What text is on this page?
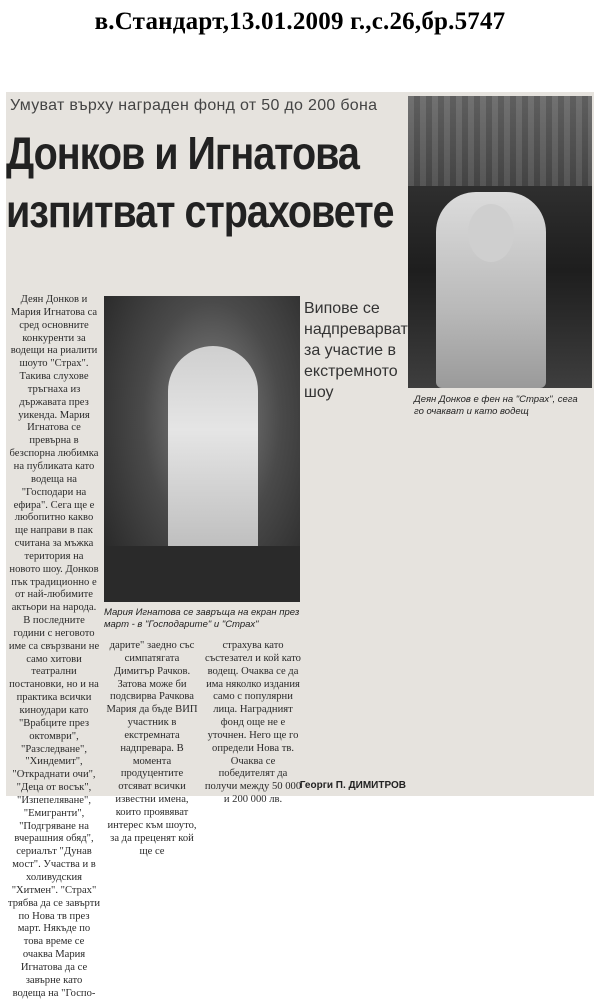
в.Стандарт,13.01.2009 г.,с.26,бр.5747
Умуват върху награден фонд от 50 до 200 бона
Донков и Игнатова
изпитват страховете
Деян Донков е фен на "Страх", сега го очакват и като водещ
Випове се надпреварват за участие в екстремното шоу
Мария Игнатова се завръща на екран през март - в "Господарите" и "Страх"
Деян Донков и Мария Игнатова са сред основните конкуренти за водещи на риалити шоуто "Страх". Такива слухове тръгнаха из държавата през уикенда. Мария Игнатова се превърна в безспорна любимка на публиката като водеща на "Господари на ефира". Сега ще е любопитно какво ще направи в пак считана за мъжка територия на новото шоу. Донков пък традиционно е от най-любимите актьори на народа. В последните години с неговото име са свързвани не само хитови театрални постановки, но и на практика всички киноудари като "Врабците през октомври", "Разследване", "Хиндемит", "Откраднати очи", "Деца от восък", "Изпепеляване", "Емигранти", "Подгряване на вчерашния обяд", сериалът "Дунав мост". Участва и в холивудския "Хитмен". "Страх" трябва да се завърти по Нова тв през март. Някъде по това време се очаква Мария Игнатова да се завърне като водеща на "Госпо-
дарите" заедно със симпатягата Димитър Рачков. Затова може би подсвирва Рачкова Мария да бъде ВИП участник в екстремната надпревара. В момента продуцентите отсяват всички известни имена, които проявяват интерес към шоуто, за да преценят кой ще се
страхува като състезател и кой като водещ. Очаква се да има няколко издания само с популярни лица. Наградният фонд още не е уточнен. Него ще го определи Нова тв. Очаква се победителят да получи между 50 000 и 200 000 лв.
Георги П. ДИМИТРОВ
